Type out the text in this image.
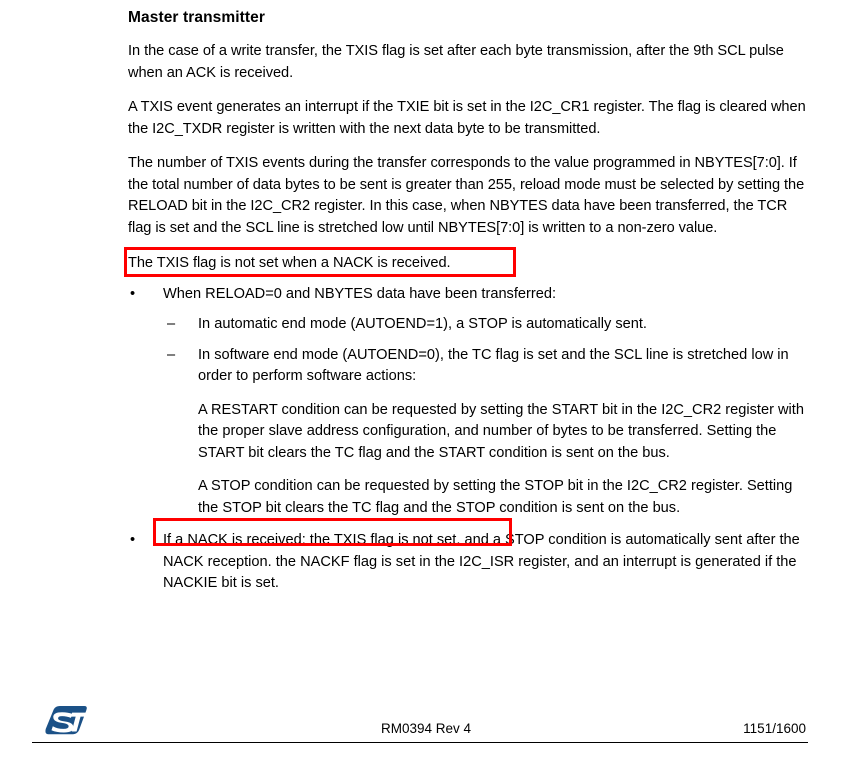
Master transmitter

In the case of a write transfer, the TXIS flag is set after each byte transmission, after the 9th SCL pulse when an ACK is received.

A TXIS event generates an interrupt if the TXIE bit is set in the I2C_CR1 register. The flag is cleared when the I2C_TXDR register is written with the next data byte to be transmitted.

The number of TXIS events during the transfer corresponds to the value programmed in NBYTES[7:0]. If the total number of data bytes to be sent is greater than 255, reload mode must be selected by setting the RELOAD bit in the I2C_CR2 register. In this case, when NBYTES data have been transferred, the TCR flag is set and the SCL line is stretched low until NBYTES[7:0] is written to a non-zero value.

The TXIS flag is not set when a NACK is received.

• When RELOAD=0 and NBYTES data have been transferred:
– In automatic end mode (AUTOEND=1), a STOP is automatically sent.
– In software end mode (AUTOEND=0), the TC flag is set and the SCL line is stretched low in order to perform software actions:

A RESTART condition can be requested by setting the START bit in the I2C_CR2 register with the proper slave address configuration, and number of bytes to be transferred. Setting the START bit clears the TC flag and the START condition is sent on the bus.

A STOP condition can be requested by setting the STOP bit in the I2C_CR2 register. Setting the STOP bit clears the TC flag and the STOP condition is sent on the bus.

• If a NACK is received: the TXIS flag is not set, and a STOP condition is automatically sent after the NACK reception. the NACKF flag is set in the I2C_ISR register, and an interrupt is generated if the NACKIE bit is set.
RM0394 Rev 4	1151/1600
